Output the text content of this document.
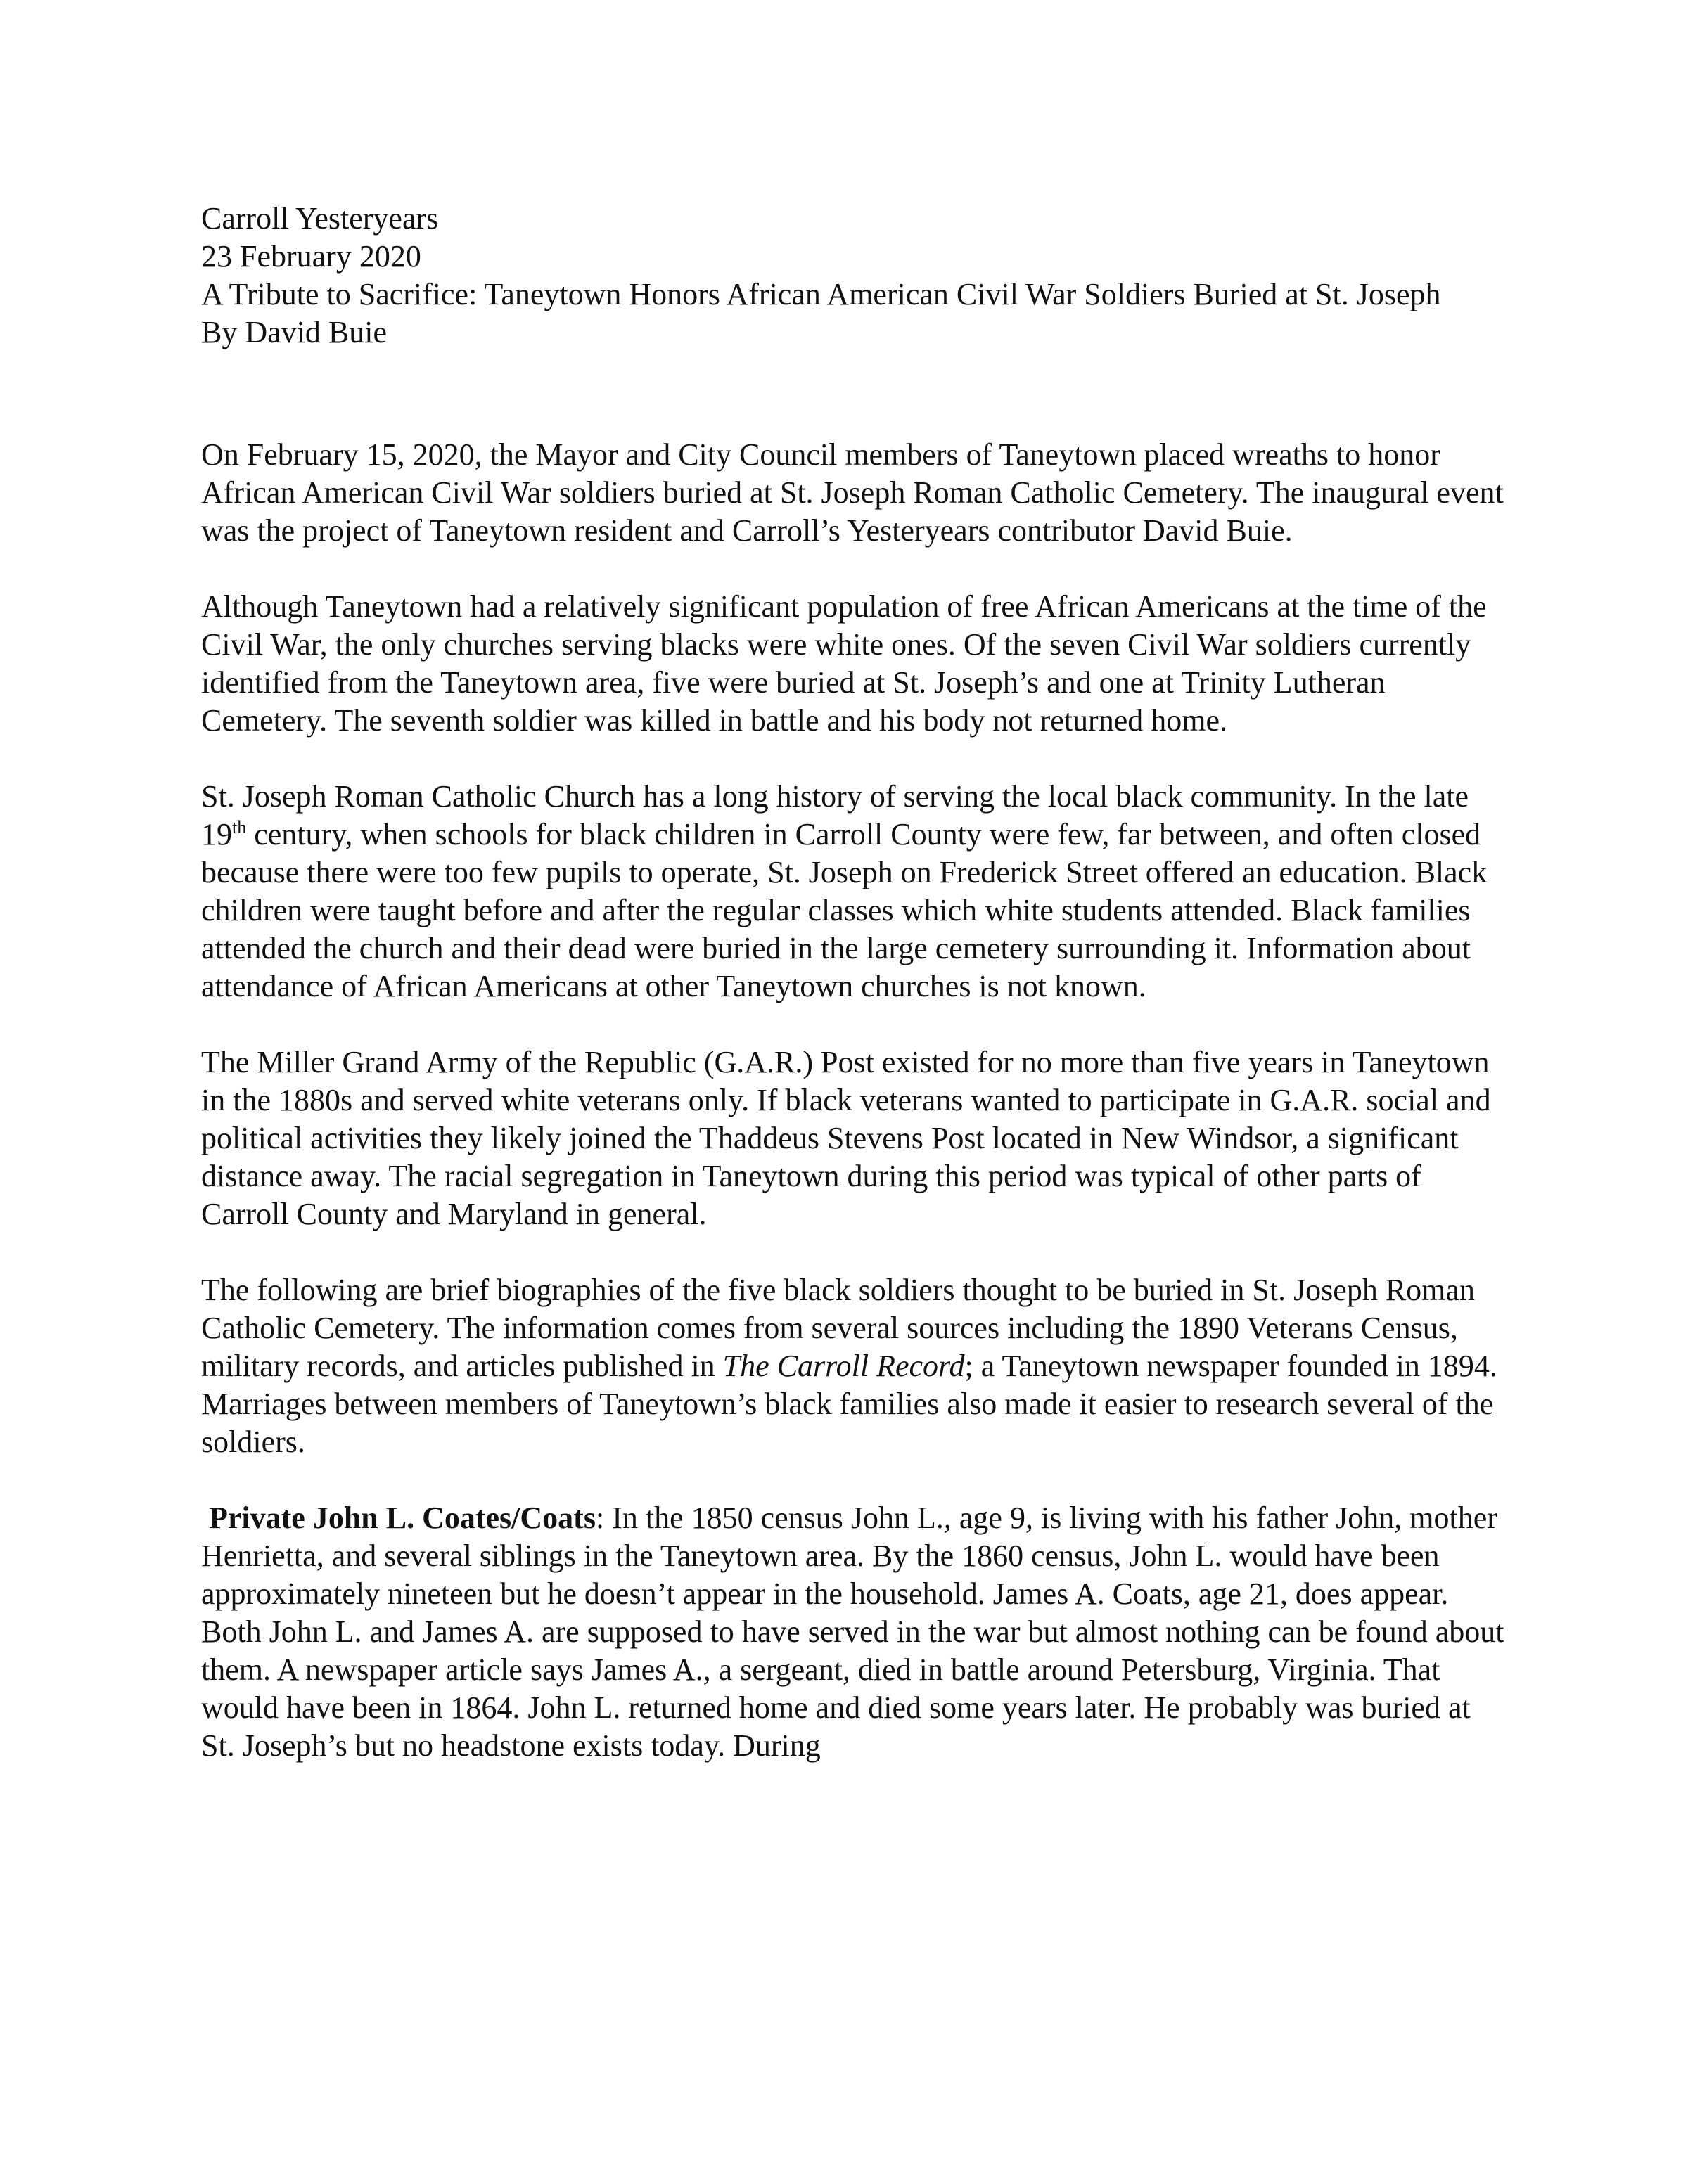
Carroll Yesteryears
23 February 2020
A Tribute to Sacrifice: Taneytown Honors African American Civil War Soldiers Buried at St. Joseph
By David Buie

On February 15, 2020, the Mayor and City Council members of Taneytown placed wreaths to honor African American Civil War soldiers buried at St. Joseph Roman Catholic Cemetery. The inaugural event was the project of Taneytown resident and Carroll’s Yesteryears contributor David Buie.

Although Taneytown had a relatively significant population of free African Americans at the time of the Civil War, the only churches serving blacks were white ones. Of the seven Civil War soldiers currently identified from the Taneytown area, five were buried at St. Joseph’s and one at Trinity Lutheran Cemetery. The seventh soldier was killed in battle and his body not returned home.

St. Joseph Roman Catholic Church has a long history of serving the local black community. In the late 19th century, when schools for black children in Carroll County were few, far between, and often closed because there were too few pupils to operate, St. Joseph on Frederick Street offered an education. Black children were taught before and after the regular classes which white students attended. Black families attended the church and their dead were buried in the large cemetery surrounding it. Information about attendance of African Americans at other Taneytown churches is not known.

The Miller Grand Army of the Republic (G.A.R.) Post existed for no more than five years in Taneytown in the 1880s and served white veterans only. If black veterans wanted to participate in G.A.R. social and political activities they likely joined the Thaddeus Stevens Post located in New Windsor, a significant distance away. The racial segregation in Taneytown during this period was typical of other parts of Carroll County and Maryland in general.

The following are brief biographies of the five black soldiers thought to be buried in St. Joseph Roman Catholic Cemetery. The information comes from several sources including the 1890 Veterans Census, military records, and articles published in The Carroll Record; a Taneytown newspaper founded in 1894. Marriages between members of Taneytown’s black families also made it easier to research several of the soldiers.

Private John L. Coates/Coats: In the 1850 census John L., age 9, is living with his father John, mother Henrietta, and several siblings in the Taneytown area. By the 1860 census, John L. would have been approximately nineteen but he doesn’t appear in the household. James A. Coats, age 21, does appear. Both John L. and James A. are supposed to have served in the war but almost nothing can be found about them. A newspaper article says James A., a sergeant, died in battle around Petersburg, Virginia. That would have been in 1864. John L. returned home and died some years later. He probably was buried at St. Joseph’s but no headstone exists today. During
